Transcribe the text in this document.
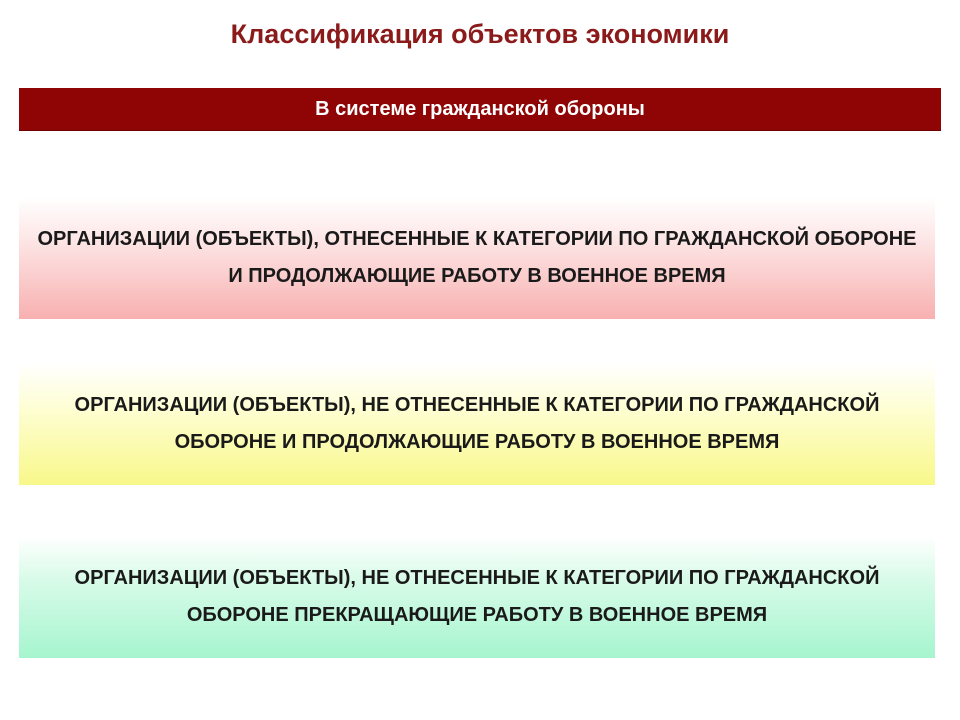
Классификация объектов экономики
В системе гражданской обороны
ОРГАНИЗАЦИИ (ОБЪЕКТЫ), ОТНЕСЕННЫЕ К КАТЕГОРИИ ПО ГРАЖДАНСКОЙ ОБОРОНЕ И ПРОДОЛЖАЮЩИЕ РАБОТУ В ВОЕННОЕ ВРЕМЯ
ОРГАНИЗАЦИИ (ОБЪЕКТЫ), НЕ ОТНЕСЕННЫЕ К КАТЕГОРИИ ПО ГРАЖДАНСКОЙ ОБОРОНЕ И ПРОДОЛЖАЮЩИЕ РАБОТУ В ВОЕННОЕ ВРЕМЯ
ОРГАНИЗАЦИИ (ОБЪЕКТЫ), НЕ ОТНЕСЕННЫЕ К КАТЕГОРИИ ПО ГРАЖДАНСКОЙ ОБОРОНЕ ПРЕКРАЩАЮЩИЕ РАБОТУ В ВОЕННОЕ ВРЕМЯ
